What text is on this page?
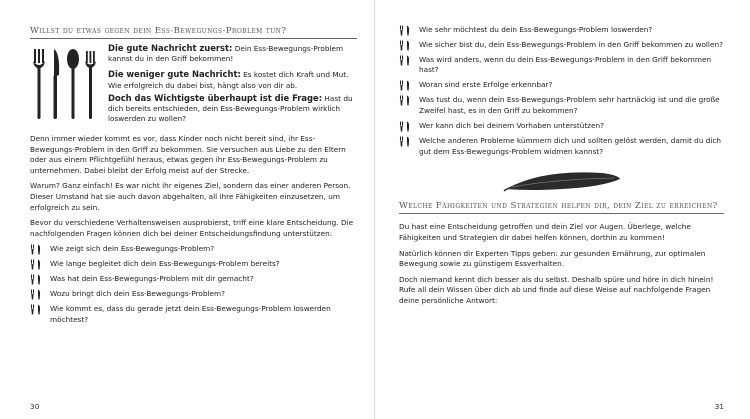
Willst du etwas gegen dein Ess-Bewegungs-Problem tun?

Die gute Nachricht zuerst: Dein Ess-Bewegungs-Problem kannst du in den Griff bekommen!

Die weniger gute Nachricht: Es kostet dich Kraft und Mut. Wie erfolgreich du dabei bist, hängt also von dir ab.

Doch das Wichtigste überhaupt ist die Frage: Hast du dich bereits entschieden, dein Ess-Bewegungs-Problem wirklich loswerden zu wollen?

Denn immer wieder kommt es vor, dass Kinder noch nicht bereit sind, ihr Ess-Bewegungs-Problem in den Griff zu bekommen. Sie versuchen aus Liebe zu den Eltern oder aus einem Pflichtgefühl heraus, etwas gegen ihr Ess-Bewegungs-Problem zu unternehmen. Dabei bleibt der Erfolg meist auf der Strecke.

Warum? Ganz einfach! Es war nicht ihr eigenes Ziel, sondern das einer anderen Person. Dieser Umstand hat sie auch davon abgehalten, all ihre Fähigkeiten einzusetzen, um erfolgreich zu sein.

Bevor du verschiedene Verhaltensweisen ausprobierst, triff eine klare Entscheidung. Die nachfolgenden Fragen können dich bei deiner Entscheidungsfindung unterstützen:

Wie zeigt sich dein Ess-Bewegungs-Problem?
Wie lange begleitet dich dein Ess-Bewegungs-Problem bereits?
Was hat dein Ess-Bewegungs-Problem mit dir gemacht?
Wozu bringt dich dein Ess-Bewegungs-Problem?
Wie kommt es, dass du gerade jetzt dein Ess-Bewegungs-Problem loswerden möchtest?
30
Wie sehr möchtest du dein Ess-Bewegungs-Problem loswerden?
Wie sicher bist du, dein Ess-Bewegungs-Problem in den Griff bekommen zu wollen?
Was wird anders, wenn du dein Ess-Bewegungs-Problem in den Griff bekommen hast?
Woran sind erste Erfolge erkennbar?
Was tust du, wenn dein Ess-Bewegungs-Problem sehr hartnäckig ist und die große Zweifel hast, es in den Griff zu bekommen?
Wer kann dich bei deinem Vorhaben unterstützen?
Welche anderen Probleme kümmern dich und sollten gelöst werden, damit du dich gut dem Ess-Bewegungs-Problem widmen kannst?
Welche Fähigkeiten und Strategien helfen dir, dein Ziel zu erreichen?

Du hast eine Entscheidung getroffen und dein Ziel vor Augen. Überlege, welche Fähigkeiten und Strategien dir dabei helfen können, dorthin zu kommen!

Natürlich können dir Experten Tipps geben: zur gesunden Ernährung, zur optimalen Bewegung sowie zu günstigem Essverhalten.

Doch niemand kennt dich besser als du selbst. Deshalb spüre und höre in dich hinein! Rufe all dein Wissen über dich ab und finde auf diese Weise auf nachfolgende Fragen deine persönliche Antwort:

31
